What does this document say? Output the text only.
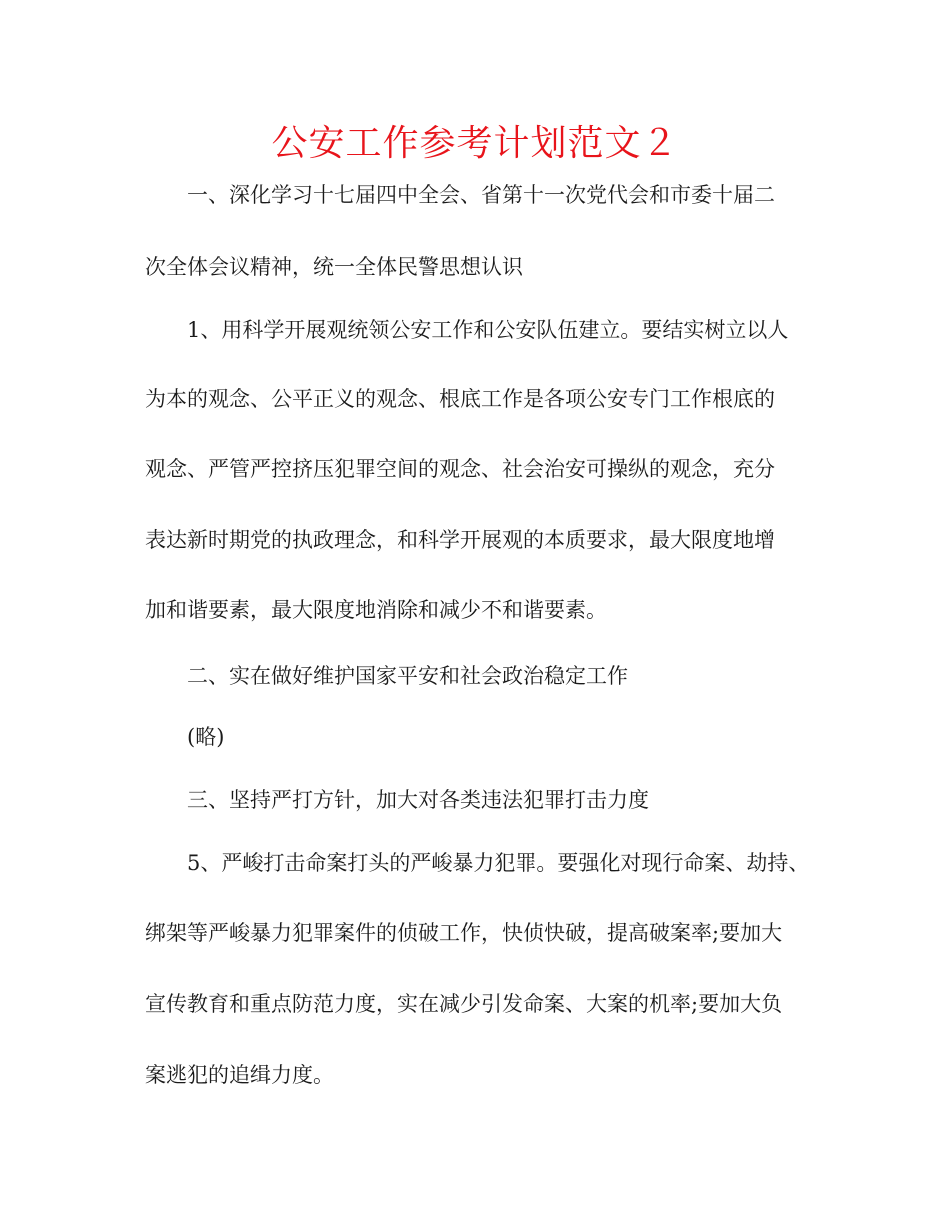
公安工作参考计划范文２
一、深化学习十七届四中全会、省第十一次党代会和市委十届二
次全体会议精神，统一全体民警思想认识
1、用科学开展观统领公安工作和公安队伍建立。要结实树立以人
为本的观念、公平正义的观念、根底工作是各项公安专门工作根底的
观念、严管严控挤压犯罪空间的观念、社会治安可操纵的观念，充分
表达新时期党的执政理念，和科学开展观的本质要求，最大限度地增
加和谐要素，最大限度地消除和减少不和谐要素。
二、实在做好维护国家平安和社会政治稳定工作
(略)
三、坚持严打方针，加大对各类违法犯罪打击力度
5、严峻打击命案打头的严峻暴力犯罪。要强化对现行命案、劫持、
绑架等严峻暴力犯罪案件的侦破工作，快侦快破，提高破案率;要加大
宣传教育和重点防范力度，实在减少引发命案、大案的机率;要加大负
案逃犯的追缉力度。
